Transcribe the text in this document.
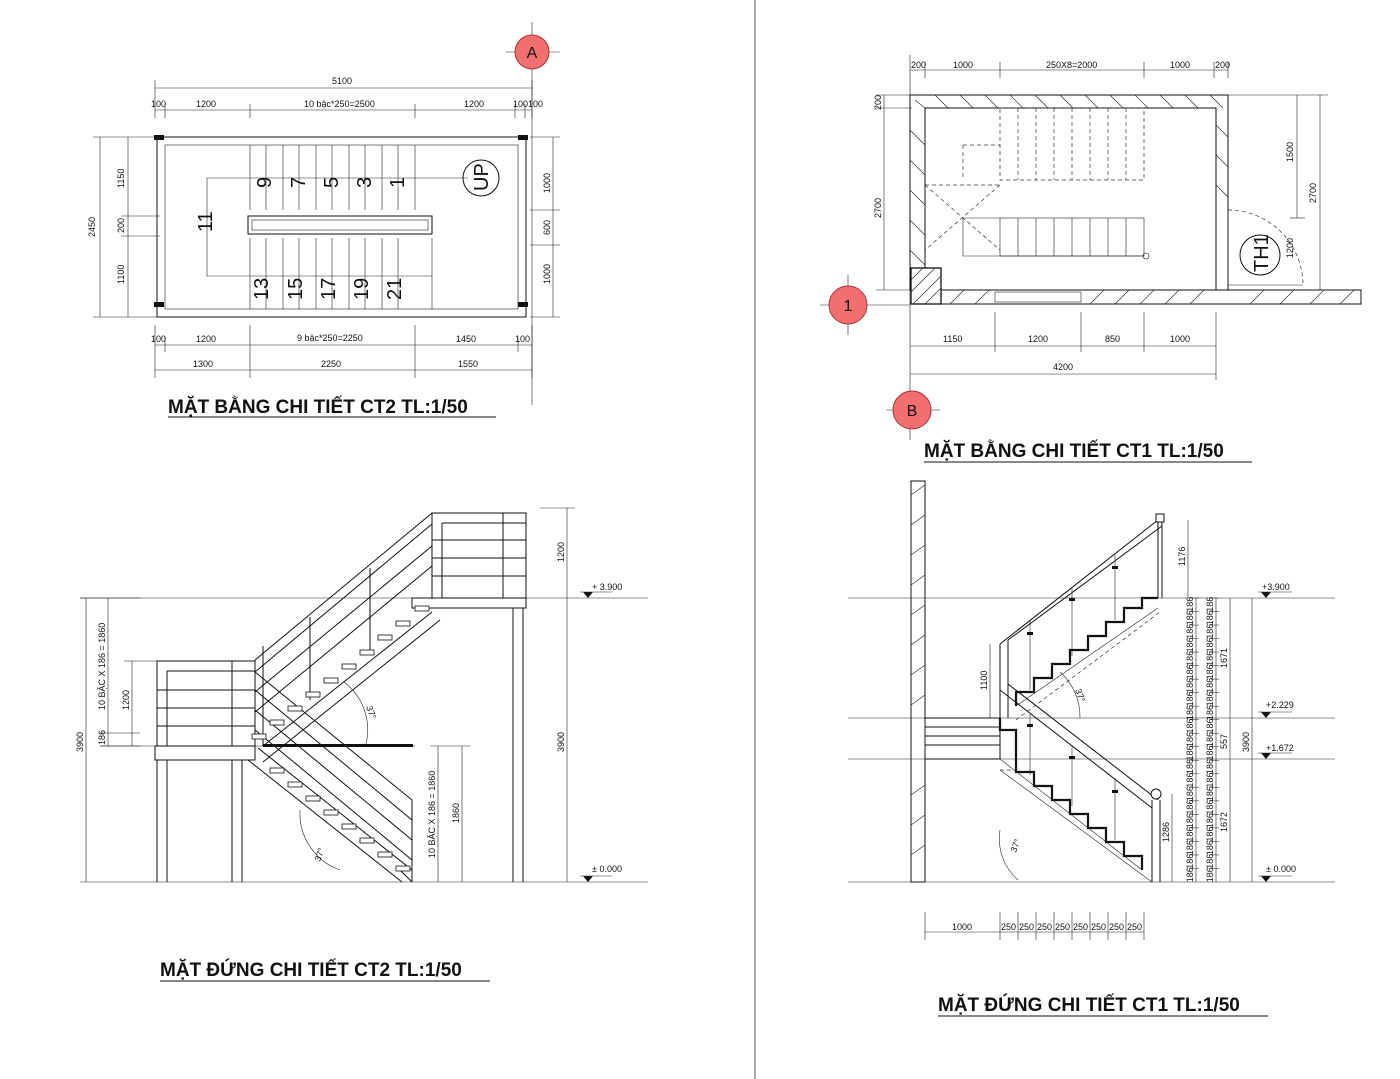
A
5100
100	1200	10 bậc*250=2500	1200	100 100
9 7 5 3 1
11
13 15 17 19 21
UP
2450
1150
200
1100
1000
600
1000
100	1200	9 bậc*250=2250	1450	100
1300	2250	1550
MẶT BẰNG CHI TIẾT CT2 TL:1/50
200	1000	250X8=2000	1000	200
TH1
200
2700
1500
2700
1200
1150	1200	850	1000
4200
1
B
MẶT BẰNG CHI TIẾT CT1 TL:1/50
37°
37°
3900
10 BẬC X 186 = 1860 1200
186
10 BẬC X 186 = 1860 1860
1200
3900
+ 3.900
± 0.000
MẶT ĐỨNG CHI TIẾT CT2 TL:1/50
37°
37°
1100
1176
1286
186
186
186
186
186
186
186
186
186
186
186
186
186
186
186
186
186
186
186
186
186
186
186
186
186
186
186
186
186
186
186
186
186
186
186
186
186
186
186
186
186
186
1671
557
1672
3900
+3.900
+2.229
+1.672
± 0.000
1000	250 250 250 250 250 250 250 250
MẶT ĐỨNG CHI TIẾT CT1 TL:1/50
